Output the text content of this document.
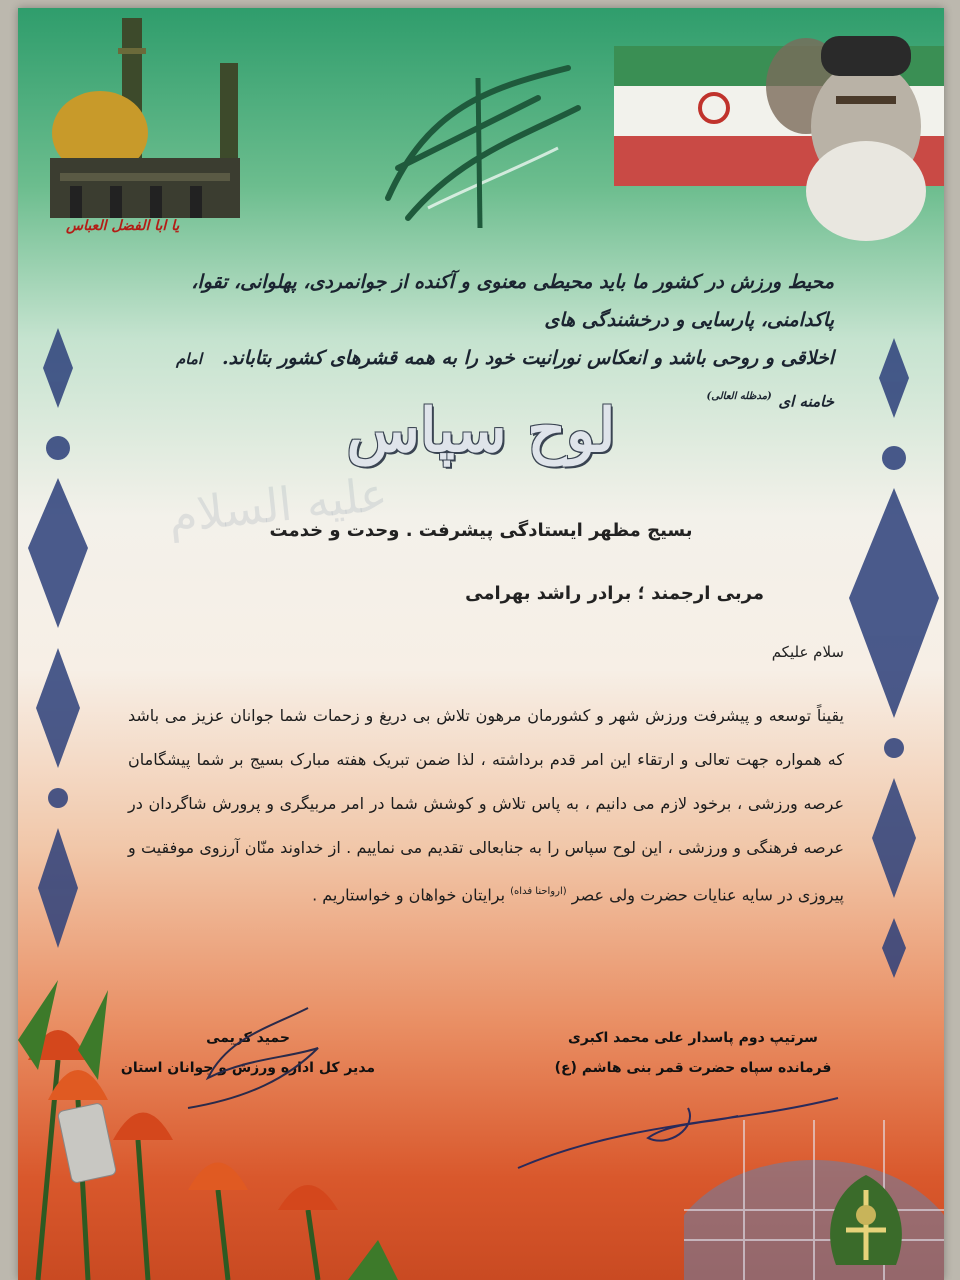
یا ابا الفضل العباس
محیط ورزش در کشور ما باید محیطی معنوی و آکنده از جوانمردی، پهلوانی، تقوا، پاکدامنی، پارسایی و درخشندگی های
اخلاقی و روحی باشد و انعکاس نورانیت خود را به همه قشرهای کشور بتاباند.   امام خامنه ای $^{(مدظله العالی)}$
علیه السلام
لوح سپاس
بسیج مظهر ایستادگی پیشرفت . وحدت و خدمت
مربی ارجمند ؛ برادر راشد بهرامی
سلام علیکم
یقیناً توسعه و پیشرفت ورزش شهر و کشورمان مرهون تلاش بی دریغ و زحمات شما جوانان عزیز می باشد که همواره جهت تعالی و ارتقاء این امر قدم برداشته ، لذا ضمن تبریک هفته مبارک بسیج بر شما پیشگامان عرصه ورزشی ، برخود لازم می دانیم ، به پاس تلاش و کوشش شما در امر مربیگری و پرورش شاگردان در عرصه فرهنگی و ورزشی ، این لوح سپاس را به جنابعالی تقدیم می نماییم . از خداوند منّان آرزوی موفقیت و پیروزی در سایه عنایات حضرت ولی عصر $^{(ارواحنا فداه)}$ برایتان خواهان و خواستاریم .
حمید کریمی
مدیر کل اداره ورزش و جوانان استان
سرتیپ دوم پاسدار علی محمد اکبری
فرمانده سپاه حضرت قمر بنی هاشم (ع)
